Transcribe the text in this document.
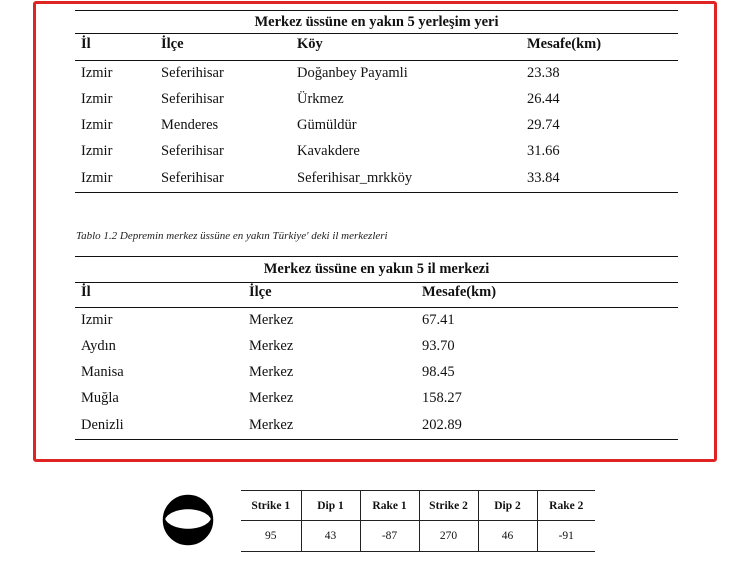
Merkez üssüne en yakın 5 yerleşim yeri			
İl	İlçe	Köy	Mesafe(km)
Izmir	Seferihisar	Doğanbey Payamli	23.38
Izmir	Seferihisar	Ürkmez	26.44
Izmir	Menderes	Gümüldür	29.74
Izmir	Seferihisar	Kavakdere	31.66
Izmir	Seferihisar	Seferihisar_mrkköy	33.84
Tablo 1.2 Depremin merkez üssüne en yakın Türkiye' deki il merkezleri
Merkez üssüne en yakın 5 il merkezi		
İl	İlçe	Mesafe(km)
Izmir	Merkez	67.41
Aydın	Merkez	93.70
Manisa	Merkez	98.45
Muğla	Merkez	158.27
Denizli	Merkez	202.89
Strike 1	Dip 1	Rake 1	Strike 2	Dip 2	Rake 2
95	43	-87	270	46	-91
